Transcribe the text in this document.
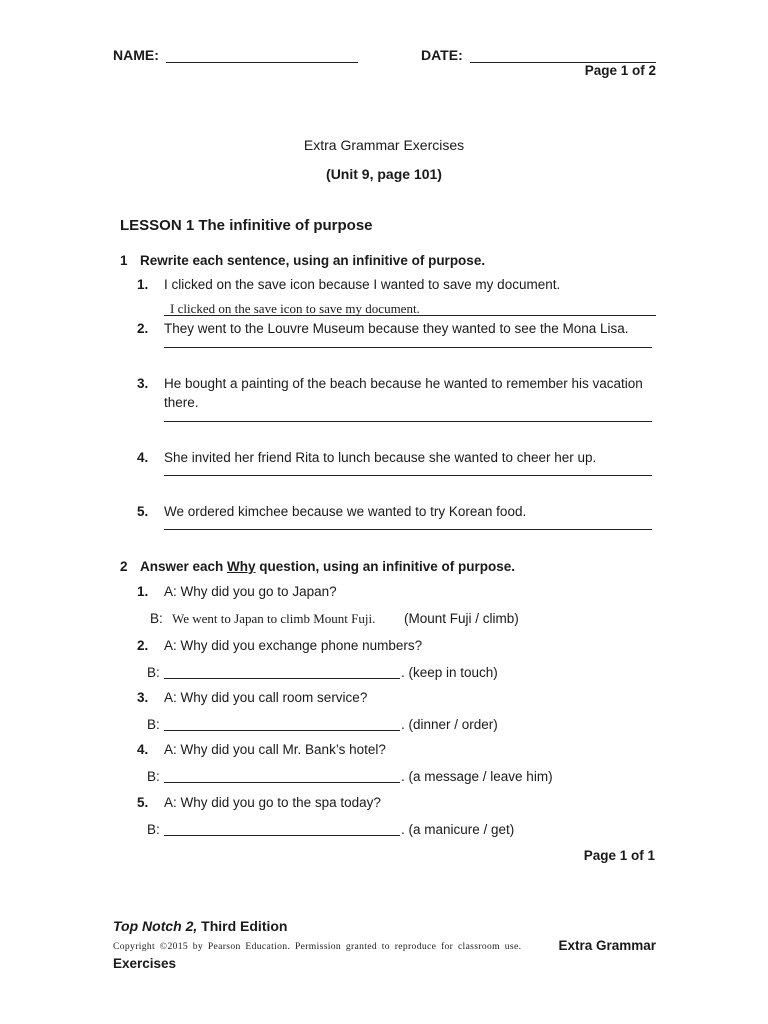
NAME:	DATE:
Page 1 of 2
Extra Grammar Exercises
(Unit 9, page 101)
LESSON 1 The infinitive of purpose
1 Rewrite each sentence, using an infinitive of purpose.
1. I clicked on the save icon because I wanted to save my document.
I clicked on the save icon to save my document.
2. They went to the Louvre Museum because they wanted to see the Mona Lisa.
3. He bought a painting of the beach because he wanted to remember his vacation
there.
4. She invited her friend Rita to lunch because she wanted to cheer her up.
5. We ordered kimchee because we wanted to try Korean food.
2 Answer each Why question, using an infinitive of purpose.
1. A: Why did you go to Japan?
B: We went to Japan to climb Mount Fuji. (Mount Fuji / climb)
2. A: Why did you exchange phone numbers?
B:	. (keep in touch)
3. A: Why did you call room service?
B:	. (dinner / order)
4. A: Why did you call Mr. Bank’s hotel?
B:	. (a message / leave him)
5. A: Why did you go to the spa today?
B:	. (a manicure / get)
Page 1 of 1
Top Notch 2, Third Edition
Copyright ©2015 by Pearson Education. Permission granted to reproduce for classroom use.	Extra Grammar
Exercises
